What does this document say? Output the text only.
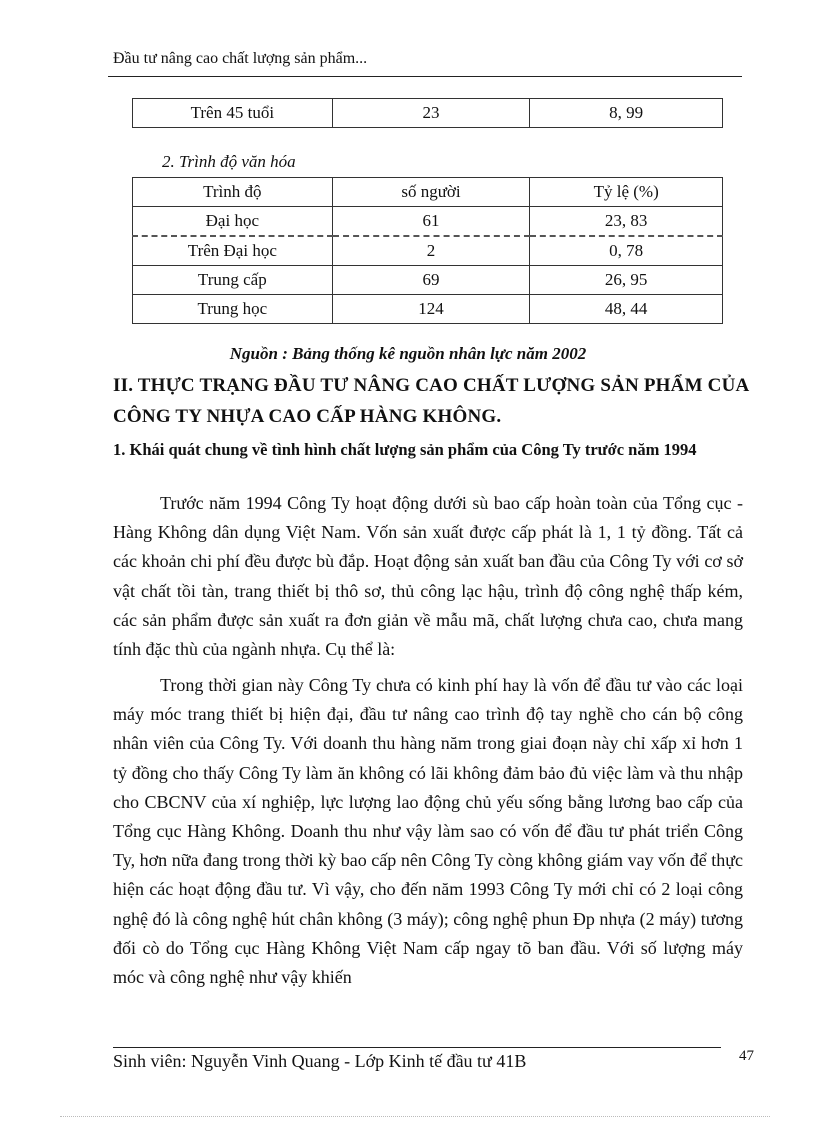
Đầu tư nâng cao chất lượng sản phẩm...
Trên 45 tuổi	23	8, 99
2. Trình độ văn hóa
Trình độ	số người	Tỷ lệ (%)
Đại học	61	23, 83
Trên Đại học	2	0, 78
Trung cấp	69	26, 95
Trung học	124	48, 44
Nguồn : Bảng thống kê nguồn nhân lực năm 2002
II. THỰC TRẠNG ĐẦU TƯ NÂNG CAO CHẤT LƯỢNG SẢN PHẨM CỦA CÔNG TY NHỰA CAO CẤP HÀNG KHÔNG.
1. Khái quát chung về tình hình chất lượng sản phẩm của Công Ty trước năm 1994

Trước năm 1994 Công Ty hoạt động dưới sù bao cấp hoàn toàn của Tổng cục - Hàng Không dân dụng Việt Nam. Vốn sản xuất được cấp phát là 1, 1 tỷ đồng. Tất cả các khoản chi phí đều được bù đắp. Hoạt động sản xuất ban đầu của Công Ty với cơ sở vật chất tồi tàn, trang thiết bị thô sơ, thủ công lạc hậu, trình độ công nghệ thấp kém, các sản phẩm được sản xuất ra đơn giản về mẫu mã, chất lượng chưa cao, chưa mang tính đặc thù của ngành nhựa. Cụ thể là:

Trong thời gian này Công Ty chưa có kinh phí hay là vốn để đầu tư vào các loại máy móc trang thiết bị hiện đại, đầu tư nâng cao trình độ tay nghề cho cán bộ công nhân viên của Công Ty. Với doanh thu hàng năm trong giai đoạn này chỉ xấp xỉ hơn 1 tỷ đồng cho thấy Công Ty làm ăn không có lãi không đảm bảo đủ việc làm và thu nhập cho CBCNV của xí nghiệp, lực lượng lao động chủ yếu sống bằng lương bao cấp của Tổng cục Hàng Không. Doanh thu như vậy làm sao có vốn để đầu tư phát triển Công Ty, hơn nữa đang trong thời kỳ bao cấp nên Công Ty còng không giám vay vốn để thực hiện các hoạt động đầu tư. Vì vậy, cho đến năm 1993 Công Ty mới chỉ có 2 loại công nghệ đó là công nghệ hút chân không (3 máy); công nghệ phun Đp nhựa (2 máy) tương đối cò do Tổng cục Hàng Không Việt Nam cấp ngay tõ ban đầu. Với số lượng máy móc và công nghệ như vậy khiến

Sinh viên: Nguyễn Vinh Quang - Lớp Kinh tế đầu tư 41B	47
